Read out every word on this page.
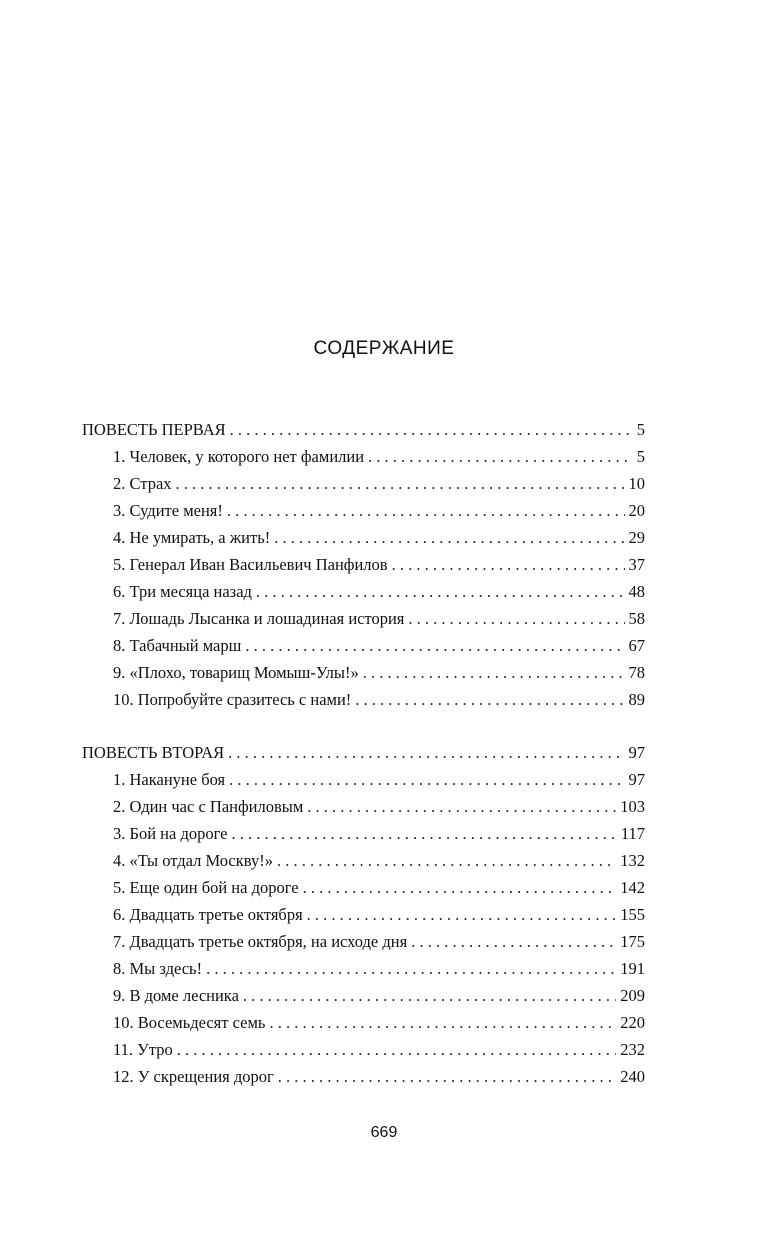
СОДЕРЖАНИЕ
ПОВЕСТЬ ПЕРВАЯ . . .	5
1. Человек, у которого нет фамилии . . .	5
2. Страх . . .	10
3. Судите меня! . . .	20
4. Не умирать, а жить! . . .	29
5. Генерал Иван Васильевич Панфилов . . .	37
6. Три месяца назад . . .	48
7. Лошадь Лысанка и лошадиная история . . .	58
8. Табачный марш . . .	67
9. «Плохо, товарищ Момыш-Улы!» . . .	78
10. Попробуйте сразитесь с нами! . . .	89
ПОВЕСТЬ ВТОРАЯ . . .	97
1. Накануне боя . . .	97
2. Один час с Панфиловым . . .	103
3. Бой на дороге . . .	117
4. «Ты отдал Москву!» . . .	132
5. Еще один бой на дороге . . .	142
6. Двадцать третье октября . . .	155
7. Двадцать третье октября, на исходе дня . . .	175
8. Мы здесь! . . .	191
9. В доме лесника . . .	209
10. Восемьдесят семь . . .	220
11. Утро . . .	232
12. У скрещения дорог . . .	240
669
